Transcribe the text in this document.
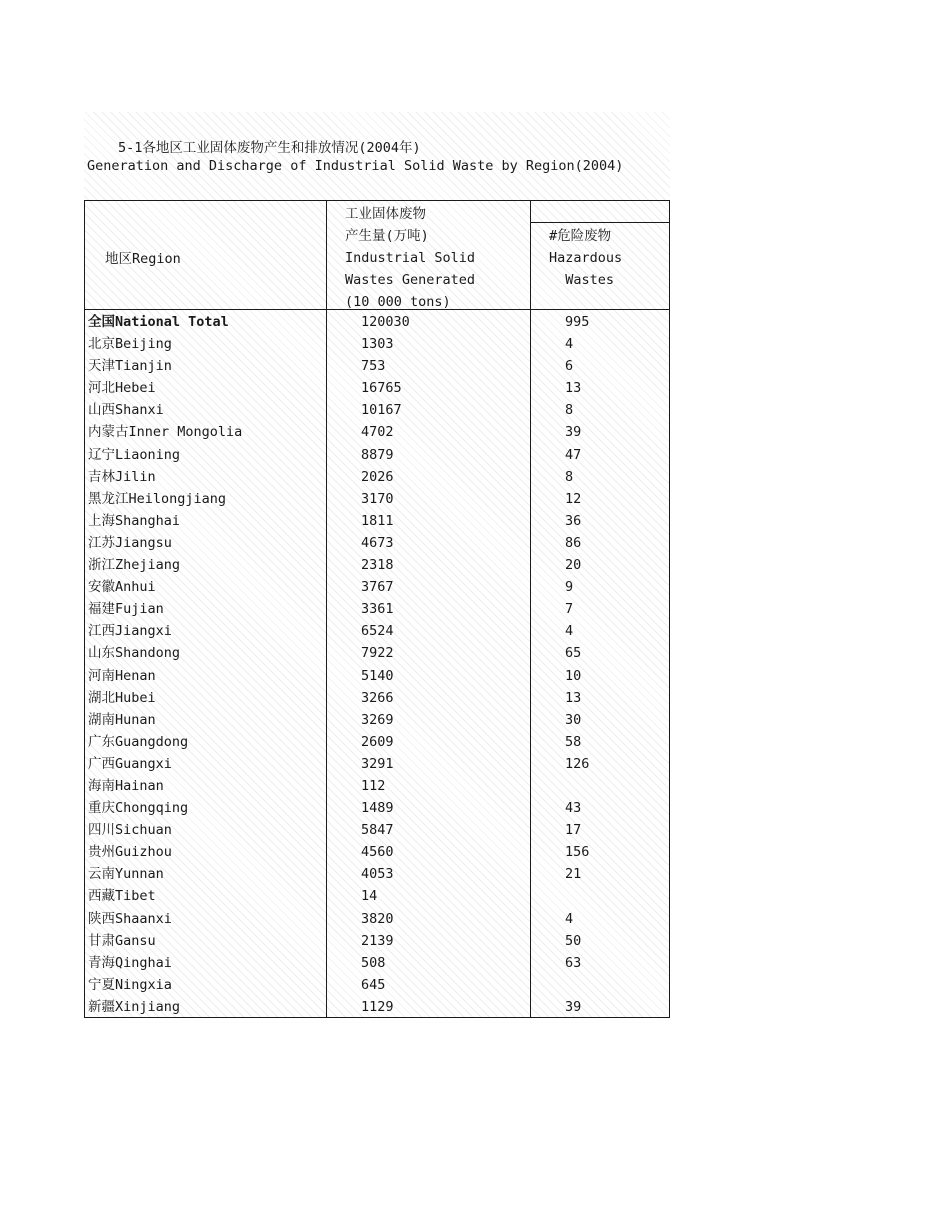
5-1各地区工业固体废物产生和排放情况(2004年)
Generation and Discharge of Industrial Solid Waste by Region(2004)
地区Region
工业固体废物
产生量(万吨)
Industrial Solid
Wastes Generated
(10 000 tons)
#危险废物
Hazardous
Wastes
全国National Total	120030	995
北京Beijing	1303	4
天津Tianjin	753	6
河北Hebei	16765	13
山西Shanxi	10167	8
内蒙古Inner Mongolia	4702	39
辽宁Liaoning	8879	47
吉林Jilin	2026	8
黑龙江Heilongjiang	3170	12
上海Shanghai	1811	36
江苏Jiangsu	4673	86
浙江Zhejiang	2318	20
安徽Anhui	3767	9
福建Fujian	3361	7
江西Jiangxi	6524	4
山东Shandong	7922	65
河南Henan	5140	10
湖北Hubei	3266	13
湖南Hunan	3269	30
广东Guangdong	2609	58
广西Guangxi	3291	126
海南Hainan	112
重庆Chongqing	1489	43
四川Sichuan	5847	17
贵州Guizhou	4560	156
云南Yunnan	4053	21
西藏Tibet	14
陕西Shaanxi	3820	4
甘肃Gansu	2139	50
青海Qinghai	508	63
宁夏Ningxia	645
新疆Xinjiang	1129	39
